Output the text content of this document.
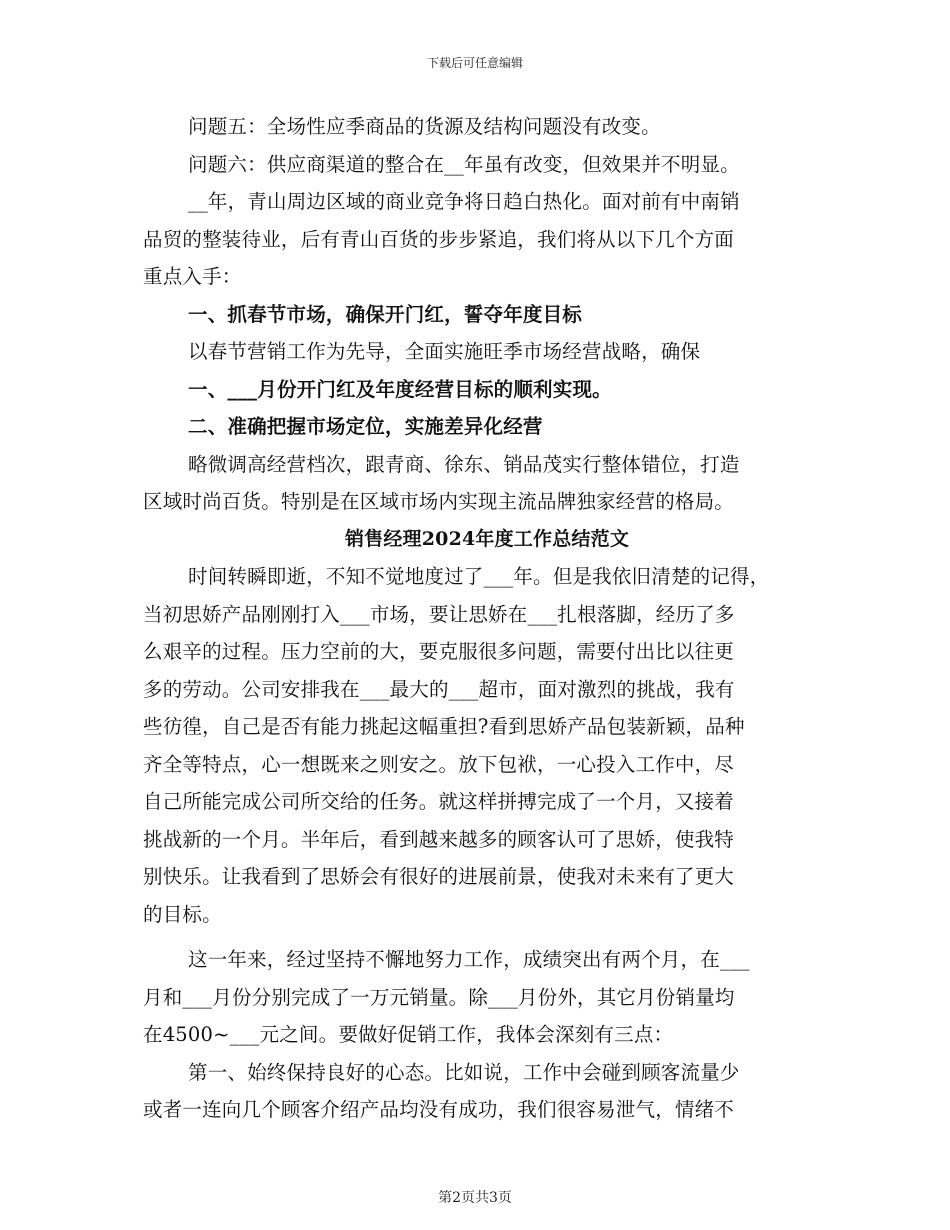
下载后可任意编辑
问题五：全场性应季商品的货源及结构问题没有改变。
问题六：供应商渠道的整合在__年虽有改变，但效果并不明显。
__年，青山周边区域的商业竞争将日趋白热化。面对前有中南销
品贸的整装待业，后有青山百货的步步紧追，我们将从以下几个方面
重点入手：
一、抓春节市场，确保开门红，誓夺年度目标
以春节营销工作为先导，全面实施旺季市场经营战略，确保
一、___月份开门红及年度经营目标的顺利实现。
二、准确把握市场定位，实施差异化经营
略微调高经营档次，跟青商、徐东、销品茂实行整体错位，打造
区域时尚百货。特别是在区域市场内实现主流品牌独家经营的格局。
销售经理2024年度工作总结范文
时间转瞬即逝，不知不觉地度过了___年。但是我依旧清楚的记得，
当初思娇产品刚刚打入___市场，要让思娇在___扎根落脚，经历了多
么艰辛的过程。压力空前的大，要克服很多问题，需要付出比以往更
多的劳动。公司安排我在___最大的___超市，面对激烈的挑战，我有
些彷徨，自己是否有能力挑起这幅重担?看到思娇产品包装新颖，品种
齐全等特点，心一想既来之则安之。放下包袱，一心投入工作中，尽
自己所能完成公司所交给的任务。就这样拼搏完成了一个月，又接着
挑战新的一个月。半年后，看到越来越多的顾客认可了思娇，使我特
别快乐。让我看到了思娇会有很好的进展前景，使我对未来有了更大
的目标。
这一年来，经过坚持不懈地努力工作，成绩突出有两个月，在___
月和___月份分别完成了一万元销量。除___月份外，其它月份销量均
在4500~___元之间。要做好促销工作，我体会深刻有三点：
第一、始终保持良好的心态。比如说，工作中会碰到顾客流量少
或者一连向几个顾客介绍产品均没有成功，我们很容易泄气，情绪不
第2页共3页
